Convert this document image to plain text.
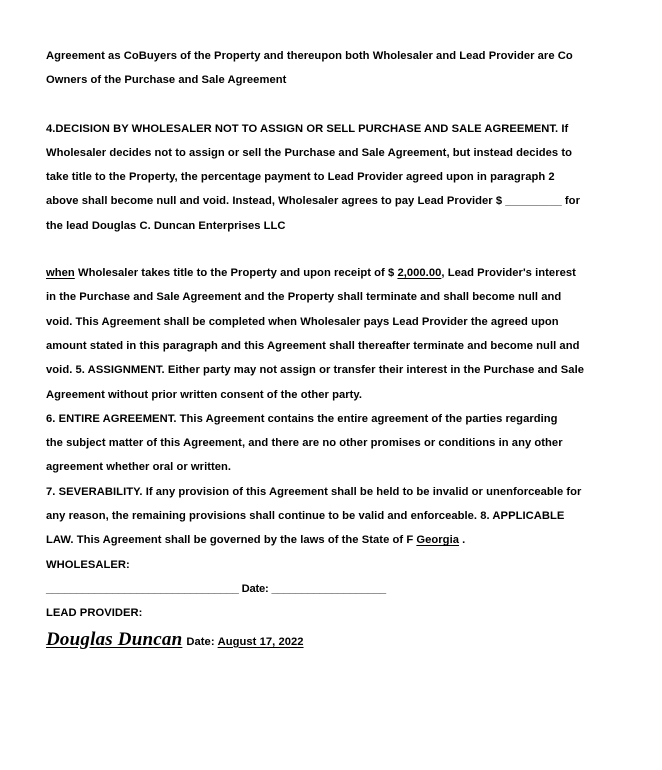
Agreement as CoBuyers of the Property and thereupon both Wholesaler and Lead Provider are Co

Owners of the Purchase and Sale Agreement

4.DECISION BY WHOLESALER NOT TO ASSIGN OR SELL PURCHASE AND SALE AGREEMENT. If

Wholesaler decides not to assign or sell the Purchase and Sale Agreement, but instead decides to

take title to the Property, the percentage payment to Lead Provider agreed upon in paragraph 2

above shall become null and void. Instead, Wholesaler agrees to pay Lead Provider $ _________ for

the lead Douglas C. Duncan Enterprises LLC

when Wholesaler takes title to the Property and upon receipt of $ 2,000.00, Lead Provider's interest

in the Purchase and Sale Agreement and the Property shall terminate and shall become null and

void. This Agreement shall be completed when Wholesaler pays Lead Provider the agreed upon

amount stated in this paragraph and this Agreement shall thereafter terminate and become null and

void. 5. ASSIGNMENT. Either party may not assign or transfer their interest in the Purchase and Sale

Agreement without prior written consent of the other party.

6. ENTIRE AGREEMENT. This Agreement contains the entire agreement of the parties regarding

the subject matter of this Agreement, and there are no other promises or conditions in any other

agreement whether oral or written.

7. SEVERABILITY. If any provision of this Agreement shall be held to be invalid or unenforceable for

any reason, the remaining provisions shall continue to be valid and enforceable. 8. APPLICABLE

LAW. This Agreement shall be governed by the laws of the State of F Georgia .

WHOLESALER:

________________________________ Date: ___________________

LEAD PROVIDER:

Douglas Duncan Date: August 17, 2022
